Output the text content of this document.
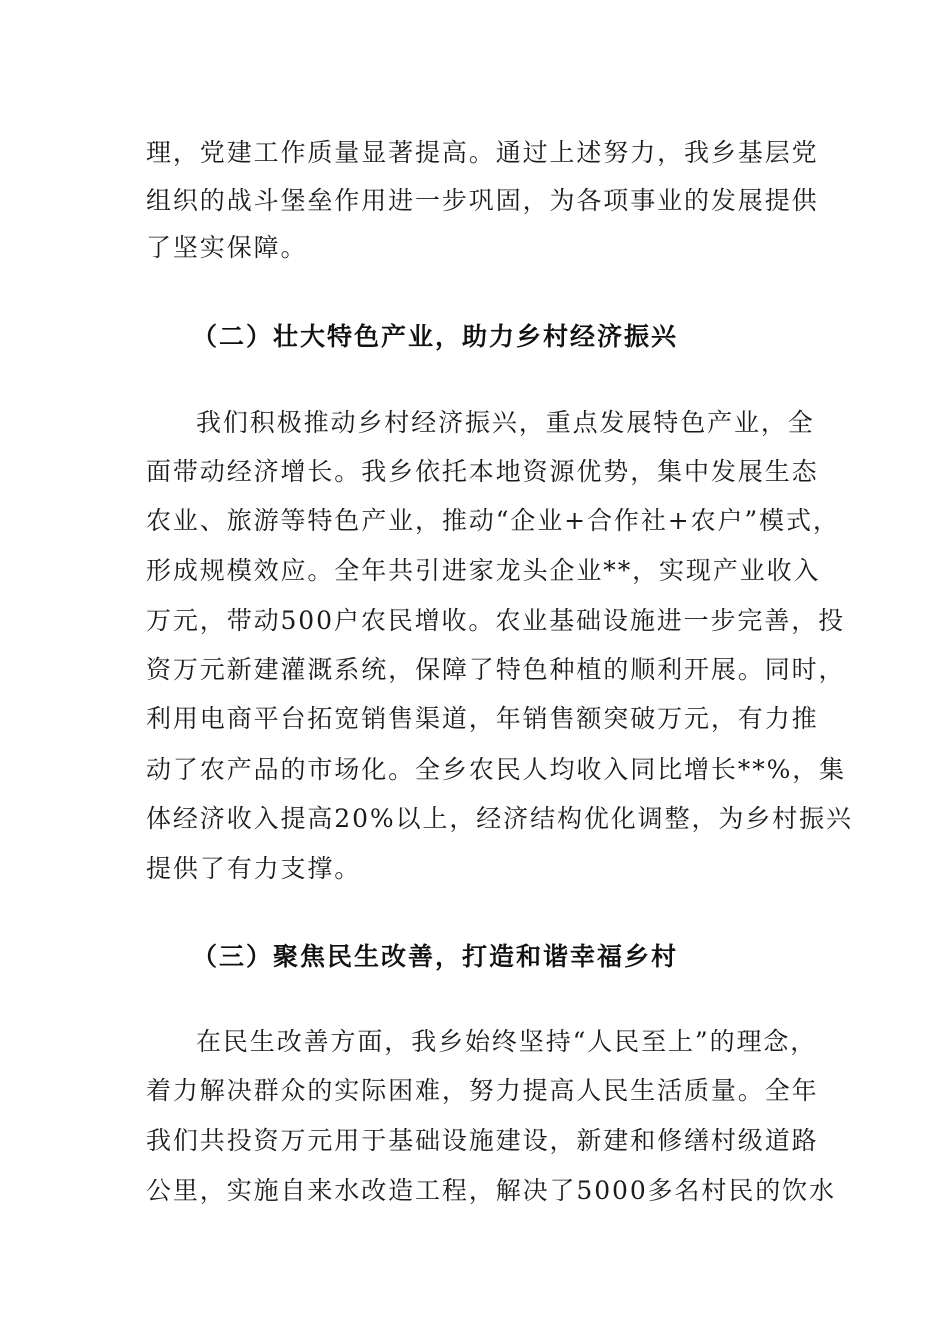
理，党建工作质量显著提高。通过上述努力，我乡基层党
组织的战斗堡垒作用进一步巩固，为各项事业的发展提供
了坚实保障。
（二）壮大特色产业，助力乡村经济振兴
我们积极推动乡村经济振兴，重点发展特色产业，全
面带动经济增长。我乡依托本地资源优势，集中发展生态
农业、旅游等特色产业，推动“企业+合作社+农户”模式，
形成规模效应。全年共引进家龙头企业**，实现产业收入
万元，带动500户农民增收。农业基础设施进一步完善，投
资万元新建灌溉系统，保障了特色种植的顺利开展。同时，
利用电商平台拓宽销售渠道，年销售额突破万元，有力推
动了农产品的市场化。全乡农民人均收入同比增长**%，集
体经济收入提高20%以上，经济结构优化调整，为乡村振兴
提供了有力支撑。
（三）聚焦民生改善，打造和谐幸福乡村
在民生改善方面，我乡始终坚持“人民至上”的理念，
着力解决群众的实际困难，努力提高人民生活质量。全年
我们共投资万元用于基础设施建设，新建和修缮村级道路
公里，实施自来水改造工程，解决了5000多名村民的饮水
